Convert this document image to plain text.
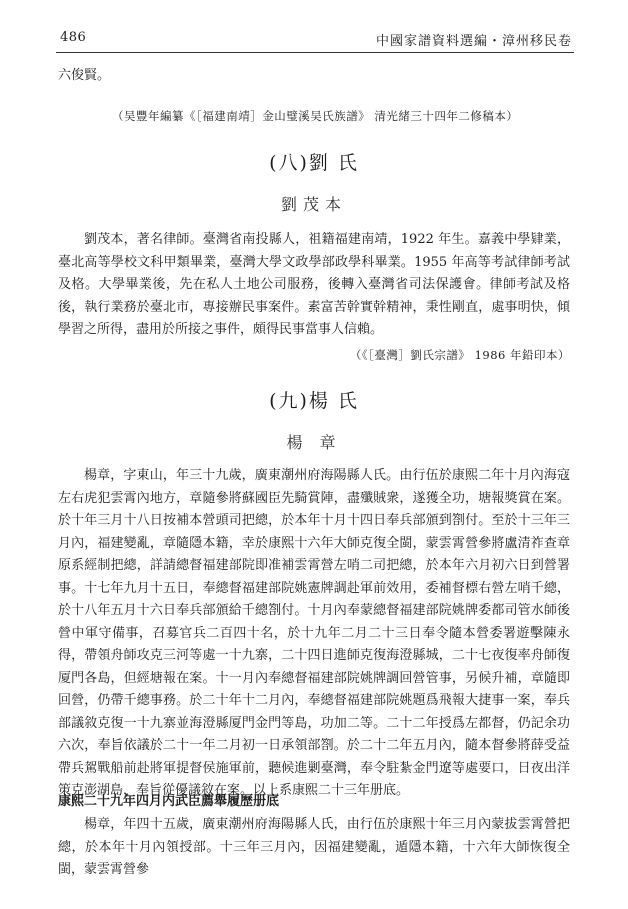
486	中國家譜資料選編・漳州移民卷
六俊賢。
（吴豐年編纂《［福建南靖］金山璧溪吴氏族譜》 清光緒三十四年二修稿本）
(八)劉 氏
劉茂本

劉茂本，著名律師。臺灣省南投縣人，祖籍福建南靖，1922 年生。嘉義中學肄業，臺北高等學校文科甲類畢業，臺灣大學文政學部政學科畢業。1955 年高等考試律師考試及格。大學畢業後，先在私人土地公司服務，後轉入臺灣省司法保護會。律師考試及格後，執行業務於臺北市，專接辦民事案件。素富苦幹實幹精神，秉性剛直，處事明快，傾學習之所得，盡用於所接之事件，頗得民事當事人信賴。

（《［臺灣］劉氏宗譜》 1986 年鉛印本）
(九)楊 氏
楊 章

楊章，字東山，年三十九歲，廣東潮州府海陽縣人氏。由行伍於康熙二年十月內海寇左右虎犯雲霄內地方，章隨參將蘇國臣先騎賞陣，盡殲賊衆，遂獲全功，塘報獎賞在案。於十年三月十八日按補本營頭司把總，於本年十月十四日奉兵部頒到劄付。至於十三年三月內，福建變亂，章隨隱本籍，幸於康熙十六年大師克復全閩，蒙雲霄營參將盧清祚查章原系經制把總，詳請總督福建部院即准補雲霄營左哨二司把總，於本年六月初六日到營署事。十七年九月十五日，奉總督福建部院姚憲牌調赴軍前效用，委補督標右營左哨千總，於十八年五月十六日奉兵部頒給千總劄付。十月內奉蒙總督福建部院姚牌委都司管水師後營中軍守備事，召募官兵二百四十名，於十九年二月二十三日奉令隨本營委署遊擊陳永得，帶領舟師攻克三河等處一十九寨，二十四日進師克復海澄縣城，二十七夜復率舟師復厦門各島，但經塘報在案。十一月內奉總督福建部院姚牌調回營管事，另候升補，章隨即回營，仍帶千總事務。於二十年十二月內，奉總督福建部院姚題爲飛報大捷事一案，奉兵部議敘克復一十九寨並海澄縣厦門金門等島，功加二等。二十二年授爲左都督，仍記余功六次，奉旨依議於二十一年二月初一日承領部劄。於二十二年五月內，隨本督參將薛受益帶兵駕戰船前赴將軍提督侯施軍前，聽候進剿臺灣，奉令駐紮金門遼等處要口，日夜出洋策克澎湖島，奉旨從優議敘在案。以上系康熙二十三年册底。

康熙二十九年四月内武臣薦舉履歷册底

楊章，年四十五歲，廣東潮州府海陽縣人氏，由行伍於康熙十年三月內蒙拔雲霄營把總，於本年十月內領授部。十三年三月內，因福建變亂，遁隱本籍，十六年大師恢復全閩，蒙雲霄營參
